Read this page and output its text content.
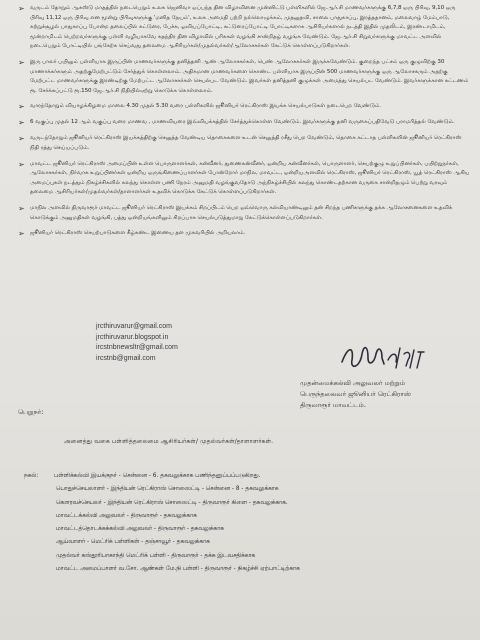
➢ வருடம் தோறும் ஆகஸ்டு மாதத்தில் நடைபெறும் உலக ஜெனிவா ஒப்பந்த தின விழாவினை முன்னிட்டு பள்ளிகளில் ஜே.ஆர்.சி மாணவர்களுக்கு 6,7,8 ஒரு பிரிவு, 9,10 ஒரு பிரிவு 11,12 ஒரு பிரிவு என மூன்று பிரிவுகளுக்கு 'மனித நேயம்', உலக அமைதி பற்றி நல்லொழுக்கம், முதலுதவி, சாலை பாதுகாப்பு, இரத்ததானம், மலைவாழ் மேம்பாடு, சுற்றுச்சூழல் பாதுகாப்பு போன்ற தலைப்பில் கட்டுரை, பேச்சு, ஓவியப்போட்டி, கட்டுரைப்போட்டி போட்டிகளாக ஆசிரியர்களால் நடத்தி இதில் முதலிடம், இரண்டாமிடம், மூன்றாமிடம் பெற்றவர்களுக்கு பள்ளி வழியாகவே சுதந்திர தின விழாவில் பரிசுகள் வழங்கி சான்றிதழ் வழங்க வேண்டும். ஜே.ஆர்.சி சிறுவர்களுக்கு மாவட்ட அளவில் நடைபெறும் போட்டியில் பங்கேற்க செய்வது தலைமை ஆசிரியர்கள்/முதல்வர்கள்/ஆலோசகர்கள் கேட்டுக் கொள்ளப்படுகிறார்கள்.
➢ இரு பாலர் பயிலும் பள்ளியாக இருப்பின் மாணவர்களுக்கு தனித்தனி ஆண் ஆலோசகர்கள், பெண் ஆலோசகர்கள் இருக்கவேண்டும். குறைந்த பட்சம் ஒரு குழுவிற்கு 30 மாணாக்கர்களும் அதற்குமேற்பட்டும் சேர்த்துக் கொள்ளலாம். அதிகமான மாணவர்களை கொண்ட பள்ளியாக இருப்பின் 500 மாணவர்களுக்கு ஒரு ஆலோசகரும் அதற்கு மேற்பட்ட மாணவர்களுக்கு இரண்டிற்கு மேற்பட்ட ஆலோசகர்கள் செயல்பட வேண்டும். இவர்கள் தனித்தனி குழுக்கள் அமைத்து செயல்பட வேண்டும். இவர்களுக்கான கட்டணம் ரூ. சேர்க்கப்பட்டு ரூ.150 ஜே.ஆர்.சி நிதியில்ஏற்று கொடுக்க கொள்ளலாம்.
➢ வாரந்தோறும் வியாழக்கிழமை மாலை 4.30 முதல் 5.30 வரை பள்ளிகளில் ஜூனியர் ரெட்கிராஸ் இயக்க செயல்பாடுகள் நடைபெற வேண்டும்.
➢ 6 வகுப்பு முதல் 12 ஆம் வகுப்பு வரை மாணவ , மாணவியரை இவ்வியக்கத்தில் சேர்த்துக்கொள்ள வேண்டும். இவர்களுக்கு தனி வருகைப்பதிவேடு பராமரித்தல் வேண்டும்.
➢ வருடந்தோறும் ஜூனியர் ரெட்கிராஸ் இயக்கத்திற்கு செலுத்த வேண்டிய தொகைகளை உடன் செலுத்தி ரசீது பெற வேண்டும், தொகை கட்டாத பள்ளிகளின் ஜூனியர் ரெட்கிராஸ் நிதி ரத்து செய்யப்படும்.
➢ மாவட்ட ஜூனியர் ரெட்கிராஸ் அமைப்பின் உள்ள பொருளாளர்கள், கன்வீனர், துணைகன்வீனர், ஒன்றிய கன்வீனர்கள், பொருளாளர், செயற்குழு உறுப்பினர்கள், பயிற்றுநர்கள், ஆலோசகர்கள், நிர்வாக உறுப்பினர்கள் ஒன்றிய ஒருங்கிணைப்பாளர்கள் போன்றோர் மாநில, மாவட்ட, ஒன்றியஅளவில் ரெட்கிராஸ், ஜூனியர் ரெட்கிராஸ், யூத் ரெட்கிராஸ் ஆகிய அமைப்புகள் நடத்தும் நிகழ்ச்சிகளில் கலந்து கொள்ள பணி நேரம் அனுமதி வழங்குவதோடு அந்நிகழ்ச்சியில் கலந்து கொண்டதற்கான வருகை சான்றிதழும் பெற்று வரவும் தலைமை ஆசிரியர்கள்/முதல்வர்கள்/தாளாளர்கள் உதவிக் கொடுக்க கேட்டுக் கொள்ளப்படுகிறார்கள்.
➢ மாநில அளவில் திருவாரூர் மாவட்ட ஜூனியர் ரெட்கிராஸ் இயக்கம் சிறப்பிடம் பெற ஒவ்வொரு கல்வியாண்டிலும் தன் சிறந்த பணிகளுக்கு தக்க ஆலோசனைகளை உதவிக் கொடுக்கும் அனுமதிகள் வழங்கி, பத்து ஒன்றியங்களிலும் சிறப்பாக செயல்படுத்துமாறு கேட்டுக்கொள்ளப்படுகிறார்கள்.
➢ ஜூனியர் ரெட்கிராஸ் செயற்பாடுகளை கீழ்கண்ட இணைய தள முகவரியில் அறியலாம்.
jrcthiruvarur@gmail.com
jrcthiruvarur.blogspot.in
ircstnbnewsltr@gmail.com
ircstnb@gmail.com
முதன்மைக்கல்வி அலுவலர் மற்றும்
பெருந்தலைவர் ஜூனியர் ரெட்கிராஸ்
திருவாரூர் மாவட்டம்.
பெறுநர்:
அனைத்து வகை பள்ளித்தலைமை ஆசிரியர்கள்/ முதல்வர்கள்/தாளாளர்கள்.
நகல்:	பள்ளிக்கல்வி இயக்குநர் - சென்னை - 6. தகவலுக்காக பணிந்தனுப்பப்படுகிறது.
பொதுச்செயலாளர் - இந்தியன் ரெட்கிராஸ் சொஸைட்டி - சென்னை - 8 - தகவலுக்காக
கௌரவச்செயலர் - இந்தியன் ரெட்கிராஸ் சொஸைட்டி - திருவாரூர் கிளை - தகவலுக்காக.
மாவட்டக்கல்வி அலுவலர் - திருவாரூர் - தகவலுக்காக
மாவட்டத்தொடக்கக்கல்வி அலுவலர் - திருவாரூர் - தகவலுக்காக
ஆய்வாளர் - மெட்ரிக் பள்ளிகள் - தஞ்சாவூர் - தகவலுக்காக
முதல்வர் கஸ்தூரிபாகாந்தி மெட்ரிக் பள்ளி - திருவாரூர் - தக்க இடவசதிக்காக
மாவட்ட அமைப்பாளர் வ.சோ. ஆண்கள் மே.நி பள்ளி - திருவாரூர் - நிகழ்ச்சி ஏற்பாட்டிற்காக
